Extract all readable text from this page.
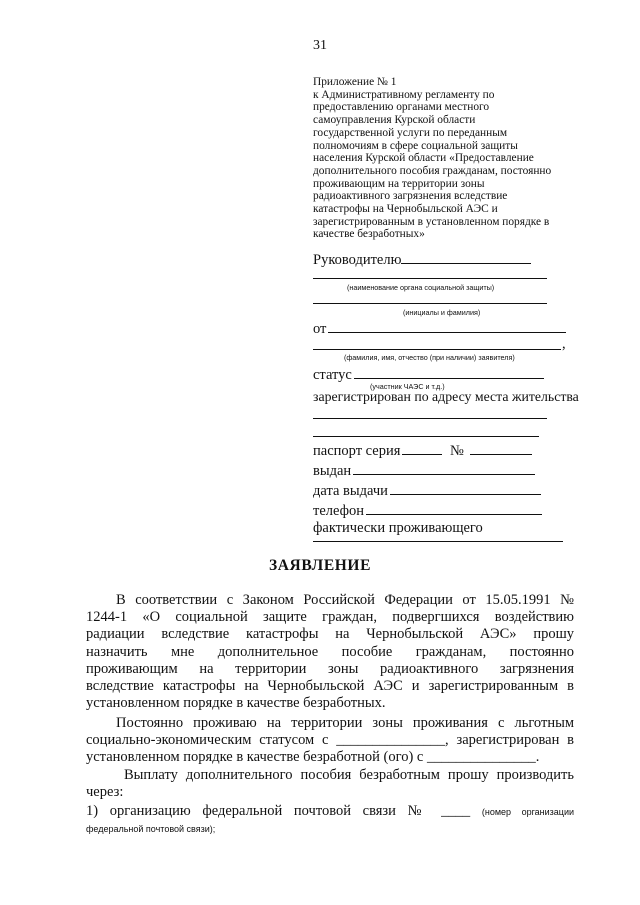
31
Приложение № 1
к Административному регламенту по
предоставлению органами местного
самоуправления Курской области
государственной услуги по переданным
полномочиям в сфере социальной защиты
населения Курской области «Предоставление
дополнительного пособия гражданам, постоянно
проживающим на территории зоны
радиоактивного загрязнения вследствие
катастрофы на Чернобыльской АЭС и
зарегистрированным в установленном порядке в
качестве безработных»
Руководителю
(наименование органа социальной защиты)
(инициалы и фамилия)
от
,
(фамилия, имя, отчество (при наличии) заявителя)
статус
(участник ЧАЭС и т.д.)
зарегистрирован по адресу места жительства
паспорт серия	№
выдан
дата выдачи
телефон
фактически проживающего
ЗАЯВЛЕНИЕ
В соответствии с Законом Российской Федерации от 15.05.1991 №
1244-1 «О социальной защите граждан, подвергшихся воздействию
радиации вследствие катастрофы на Чернобыльской АЭС» прошу
назначить мне дополнительное пособие гражданам, постоянно
проживающим на территории зоны радиоактивного загрязнения
вследствие катастрофы на Чернобыльской АЭС и зарегистрированным в
установленном порядке в качестве безработных.
Постоянно проживаю на территории зоны проживания с льготным
социально-экономическим статусом с _______________, зарегистрирован в
установленном порядке в качестве безработной (ого) с _______________.
Выплату дополнительного пособия безработным прошу производить
через:
1) организацию федеральной почтовой связи № ____ (номер организации
федеральной почтовой связи);
